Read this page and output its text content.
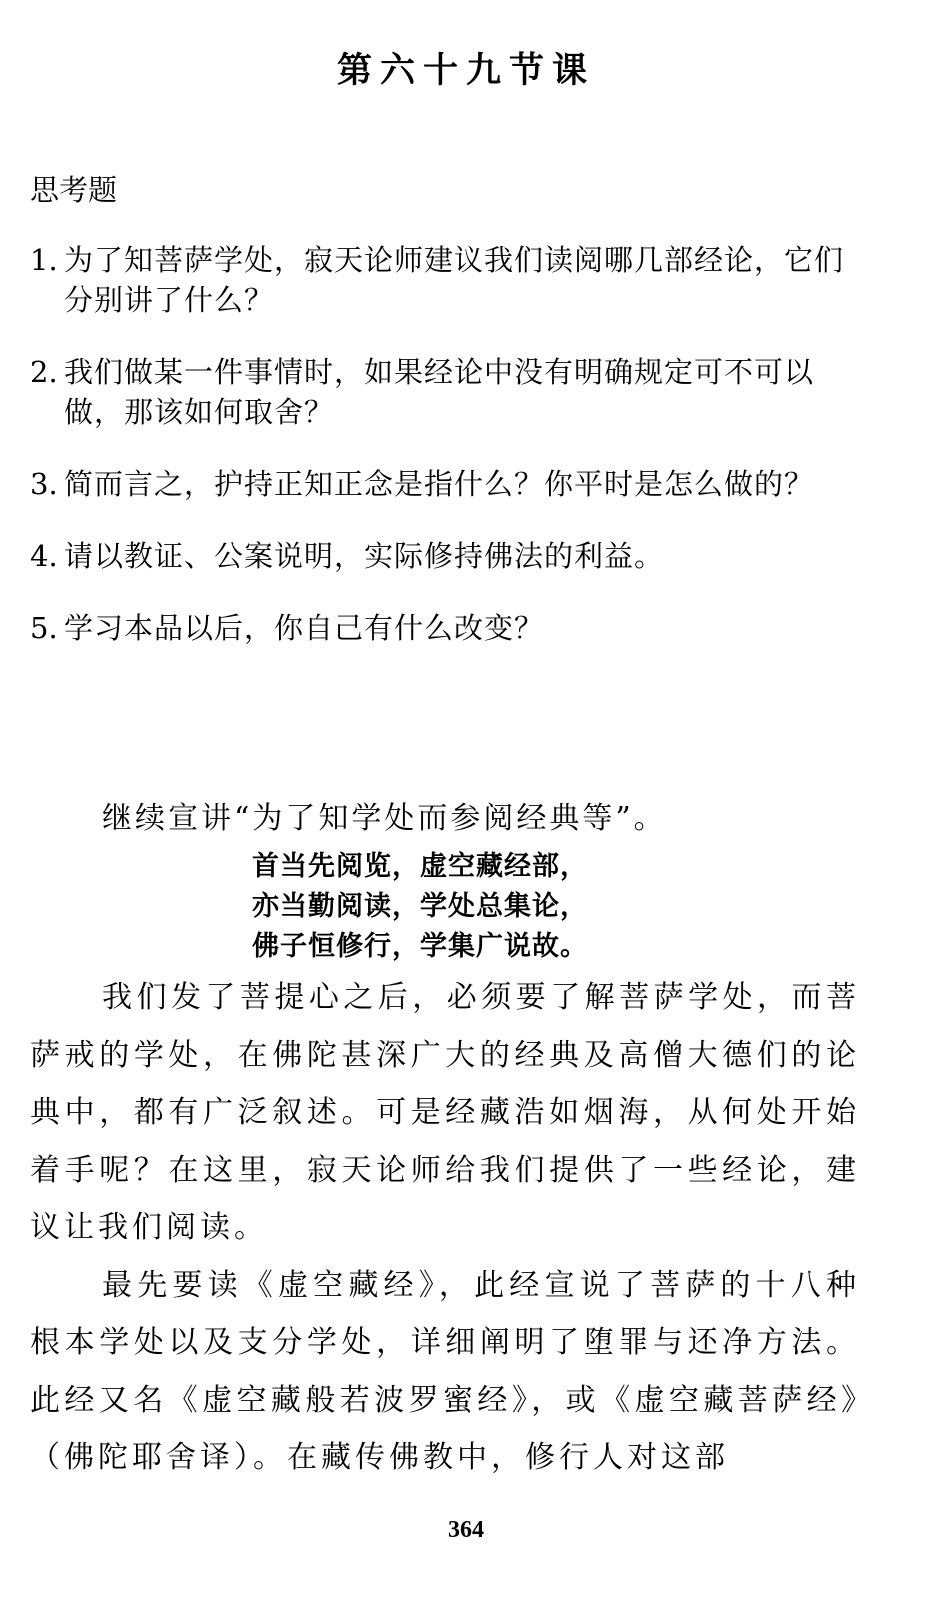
第六十九节课
思考题
1. 为了知菩萨学处，寂天论师建议我们读阅哪几部经论，它们分别讲了什么？
2. 我们做某一件事情时，如果经论中没有明确规定可不可以做，那该如何取舍？
3. 简而言之，护持正知正念是指什么？你平时是怎么做的？
4. 请以教证、公案说明，实际修持佛法的利益。
5. 学习本品以后，你自己有什么改变？

继续宣讲“为了知学处而参阅经典等”。

首当先阅览，虚空藏经部，
亦当勤阅读，学处总集论，
佛子恒修行，学集广说故。

我们发了菩提心之后，必须要了解菩萨学处，而菩萨戒的学处，在佛陀甚深广大的经典及高僧大德们的论典中，都有广泛叙述。可是经藏浩如烟海，从何处开始着手呢？在这里，寂天论师给我们提供了一些经论，建议让我们阅读。

最先要读《虚空藏经》，此经宣说了菩萨的十八种根本学处以及支分学处，详细阐明了堕罪与还净方法。此经又名《虚空藏般若波罗蜜经》，或《虚空藏菩萨经》（佛陀耶舍译）。在藏传佛教中，修行人对这部

364
